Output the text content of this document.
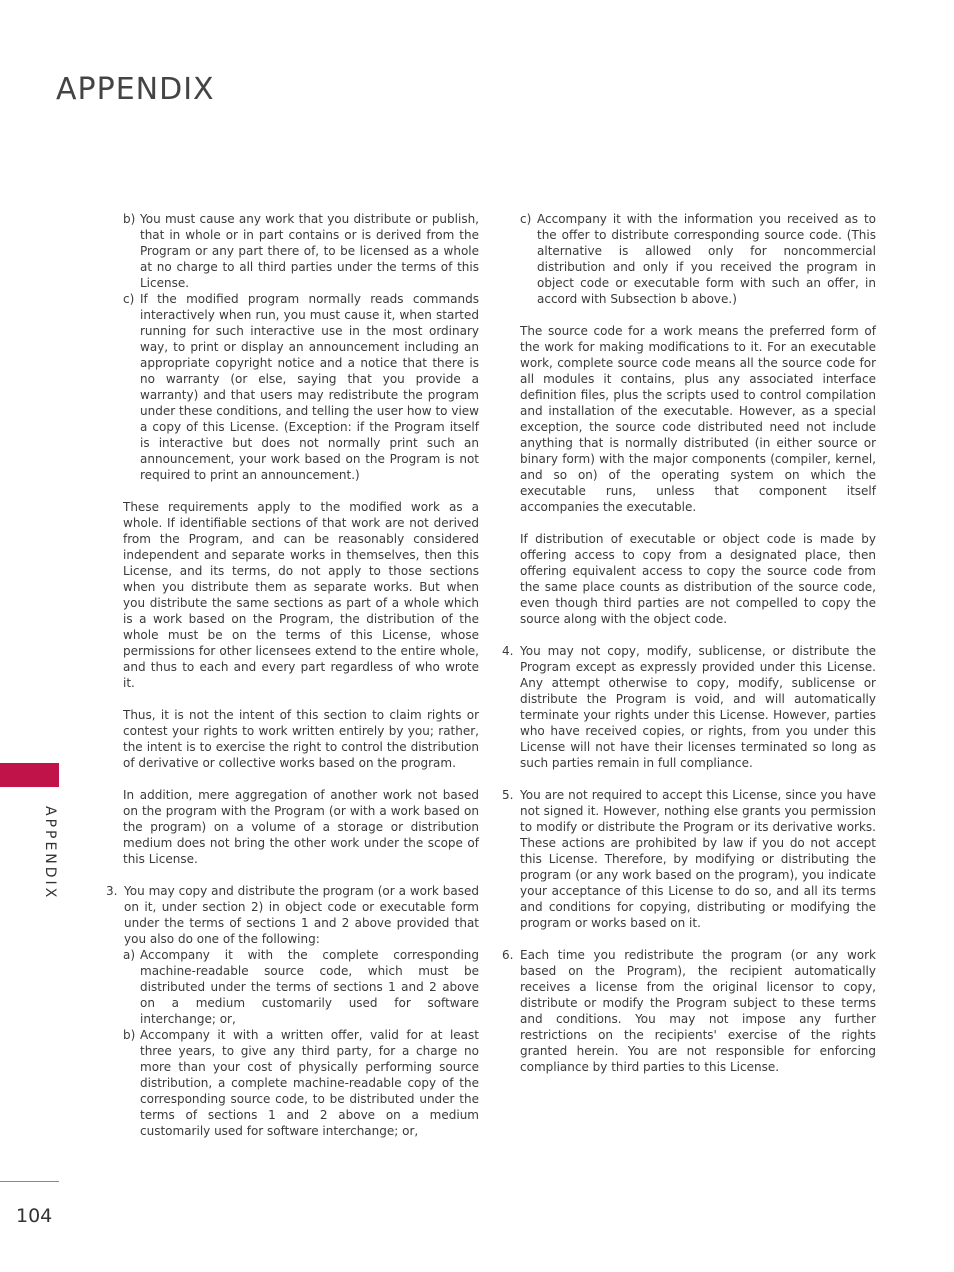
APPENDIX
APPENDIX
104
b) You must cause any work that you distribute or publish, that in whole or in part contains or is derived from the Program or any part there of, to be licensed as a whole at no charge to all third parties under the terms of this License.

c) If the modified program normally reads commands interactively when run, you must cause it, when started running for such interactive use in the most ordinary way, to print or display an announcement including an appropriate copyright notice and a notice that there is no warranty (or else, saying that you provide a warranty) and that users may redistribute the program under these conditions, and telling the user how to view a copy of this License. (Exception: if the Program itself is interactive but does not normally print such an announcement, your work based on the Program is not required to print an announcement.)

These requirements apply to the modified work as a whole. If identifiable sections of that work are not derived from the Program, and can be reasonably considered independent and separate works in themselves, then this License, and its terms, do not apply to those sections when you distribute them as separate works. But when you distribute the same sections as part of a whole which is a work based on the Program, the distribution of the whole must be on the terms of this License, whose permissions for other licensees extend to the entire whole, and thus to each and every part regardless of who wrote it.

Thus, it is not the intent of this section to claim rights or contest your rights to work written entirely by you; rather, the intent is to exercise the right to control the distribution of derivative or collective works based on the program.

In addition, mere aggregation of another work not based on the program with the Program (or with a work based on the program) on a volume of a storage or distribution medium does not bring the other work under the scope of this License.

3. You may copy and distribute the program (or a work based on it, under section 2) in object code or executable form under the terms of sections 1 and 2 above provided that you also do one of the following:

a) Accompany it with the complete corresponding machine-readable source code, which must be distributed under the terms of sections 1 and 2 above on a medium customarily used for software interchange; or,

b) Accompany it with a written offer, valid for at least three years, to give any third party, for a charge no more than your cost of physically performing source distribution, a complete machine-readable copy of the corresponding source code, to be distributed under the terms of sections 1 and 2 above on a medium customarily used for software interchange; or,

c) Accompany it with the information you received as to the offer to distribute corresponding source code. (This alternative is allowed only for noncommercial distribution and only if you received the program in object code or executable form with such an offer, in accord with Subsection b above.)

The source code for a work means the preferred form of the work for making modifications to it. For an executable work, complete source code means all the source code for all modules it contains, plus any associated interface definition files, plus the scripts used to control compilation and installation of the executable. However, as a special exception, the source code distributed need not include anything that is normally distributed (in either source or binary form) with the major components (compiler, kernel, and so on) of the operating system on which the executable runs, unless that component itself accompanies the executable.

If distribution of executable or object code is made by offering access to copy from a designated place, then offering equivalent access to copy the source code from the same place counts as distribution of the source code, even though third parties are not compelled to copy the source along with the object code.

4. You may not copy, modify, sublicense, or distribute the Program except as expressly provided under this License. Any attempt otherwise to copy, modify, sublicense or distribute the Program is void, and will automatically terminate your rights under this License. However, parties who have received copies, or rights, from you under this License will not have their licenses terminated so long as such parties remain in full compliance.

5. You are not required to accept this License, since you have not signed it. However, nothing else grants you permission to modify or distribute the Program or its derivative works. These actions are prohibited by law if you do not accept this License. Therefore, by modifying or distributing the program (or any work based on the program), you indicate your acceptance of this License to do so, and all its terms and conditions for copying, distributing or modifying the program or works based on it.

6. Each time you redistribute the program (or any work based on the Program), the recipient automatically receives a license from the original licensor to copy, distribute or modify the Program subject to these terms and conditions. You may not impose any further restrictions on the recipients' exercise of the rights granted herein. You are not responsible for enforcing compliance by third parties to this License.
